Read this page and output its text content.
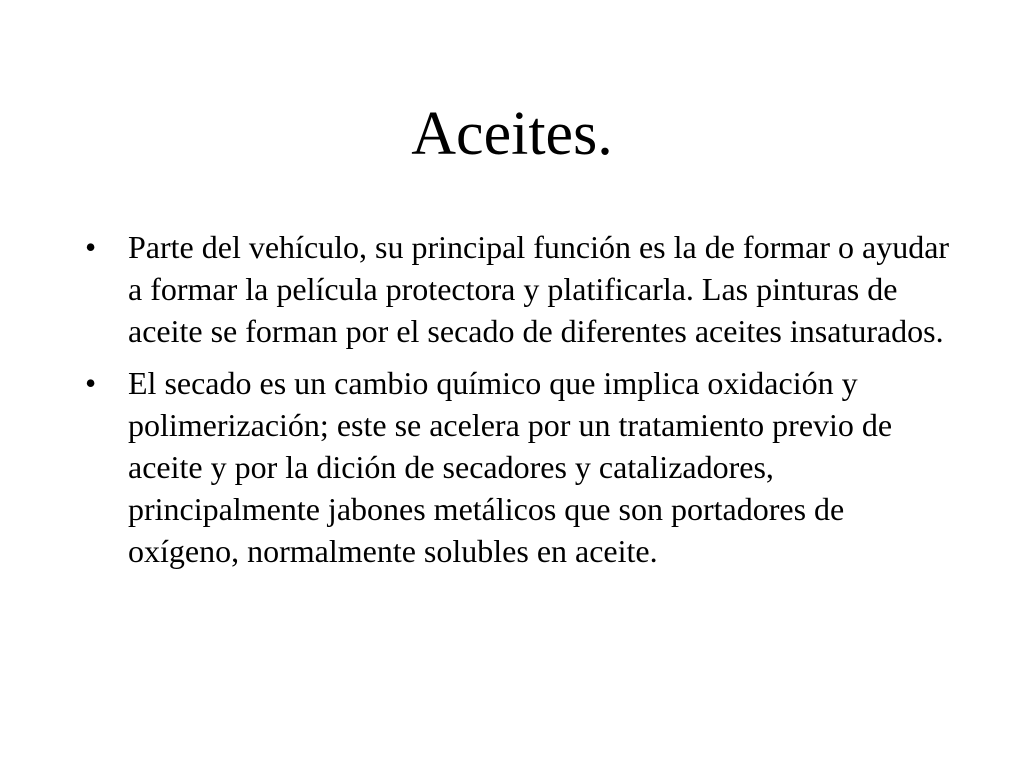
Aceites.
• Parte del vehículo, su principal función es la de formar o ayudar a formar la película protectora y platificarla. Las pinturas de aceite se forman por el secado de diferentes aceites insaturados.
• El secado es un cambio químico que implica oxidación y polimerización; este se acelera por un tratamiento previo de aceite y por la dición de secadores y catalizadores, principalmente jabones metálicos que son portadores de oxígeno, normalmente solubles en aceite.
